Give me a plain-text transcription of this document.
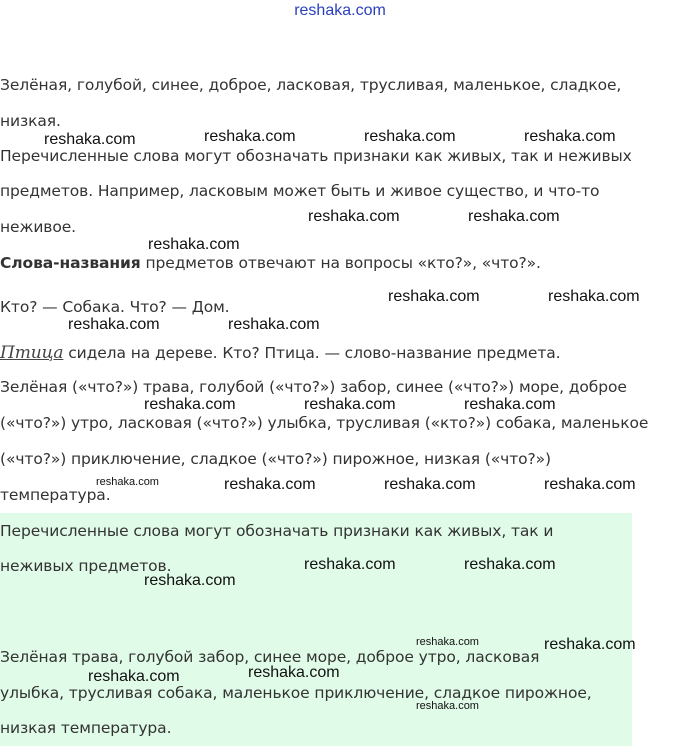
reshaka.com
Зелёная, голубой, синее, доброе, ласковая, трусливая, маленькое, сладкое,
низкая.
Перечисленные слова могут обозначать признаки как живых, так и неживых
предметов. Например, ласковым может быть и живое существо, и что-то
неживое.
Слова-названия предметов отвечают на вопросы «кто?», «что?».
Кто? — Собака. Что? — Дом.
Птица сидела на дереве. Кто? Птица. — слово-название предмета.
Зелёная («что?») трава, голубой («что?») забор, синее («что?») море, доброе
(«что?») утро, ласковая («что?») улыбка, трусливая («кто?») собака, маленькое
(«что?») приключение, сладкое («что?») пирожное, низкая («что?»)
температура.
Перечисленные слова могут обозначать признаки как живых, так и
неживых предметов.
Зелёная трава, голубой забор, синее море, доброе утро, ласковая
улыбка, трусливая собака, маленькое приключение, сладкое пирожное,
низкая температура.
reshaka.com	reshaka.com	reshaka.com	reshaka.com
reshaka.com	reshaka.com
reshaka.com
reshaka.com	reshaka.com
reshaka.com	reshaka.com
reshaka.com	reshaka.com	reshaka.com
reshaka.com	reshaka.com	reshaka.com	reshaka.com
reshaka.com	reshaka.com
reshaka.com
reshaka.com	reshaka.com
reshaka.com
reshaka.com
reshaka.com
